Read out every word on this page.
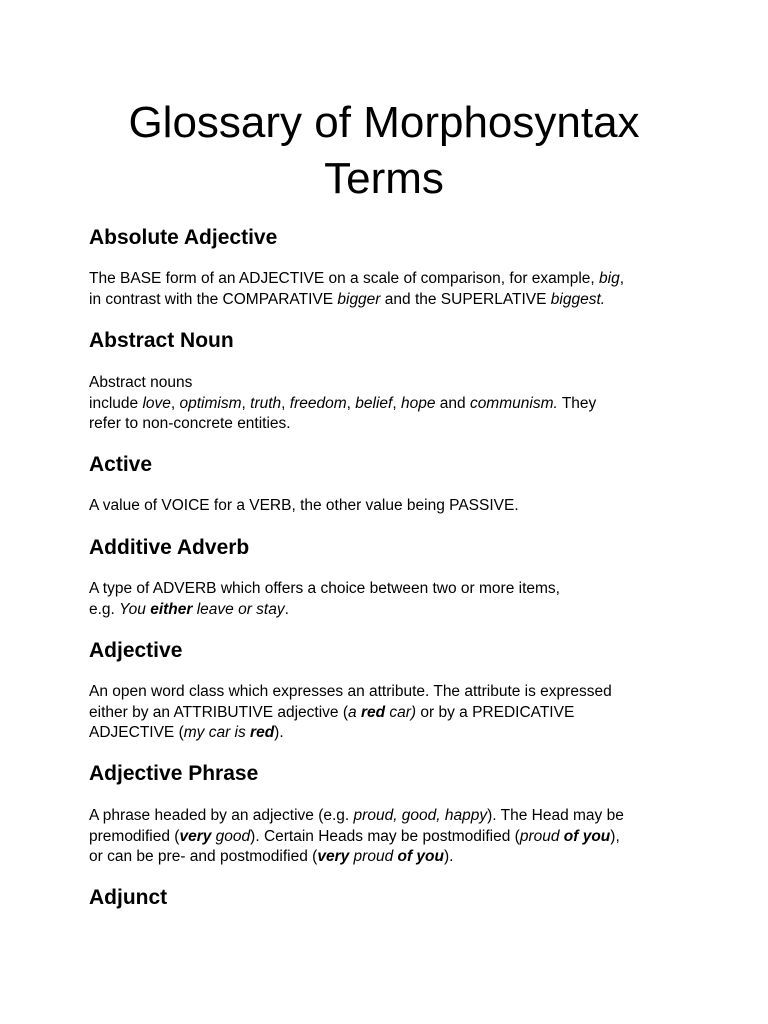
Glossary of Morphosyntax
Terms
Absolute Adjective

The BASE form of an ADJECTIVE on a scale of comparison, for example, big,
in contrast with the COMPARATIVE bigger and the SUPERLATIVE biggest.

Abstract Noun

Abstract nouns
include love, optimism, truth, freedom, belief, hope and communism. They
refer to non-concrete entities.

Active

A value of VOICE for a VERB, the other value being PASSIVE.

Additive Adverb

A type of ADVERB which offers a choice between two or more items,
e.g. You either leave or stay.

Adjective

An open word class which expresses an attribute. The attribute is expressed
either by an ATTRIBUTIVE adjective (a red car) or by a PREDICATIVE
ADJECTIVE (my car is red).

Adjective Phrase

A phrase headed by an adjective (e.g. proud, good, happy). The Head may be
premodified (very good). Certain Heads may be postmodified (proud of you),
or can be pre- and postmodified (very proud of you).

Adjunct
